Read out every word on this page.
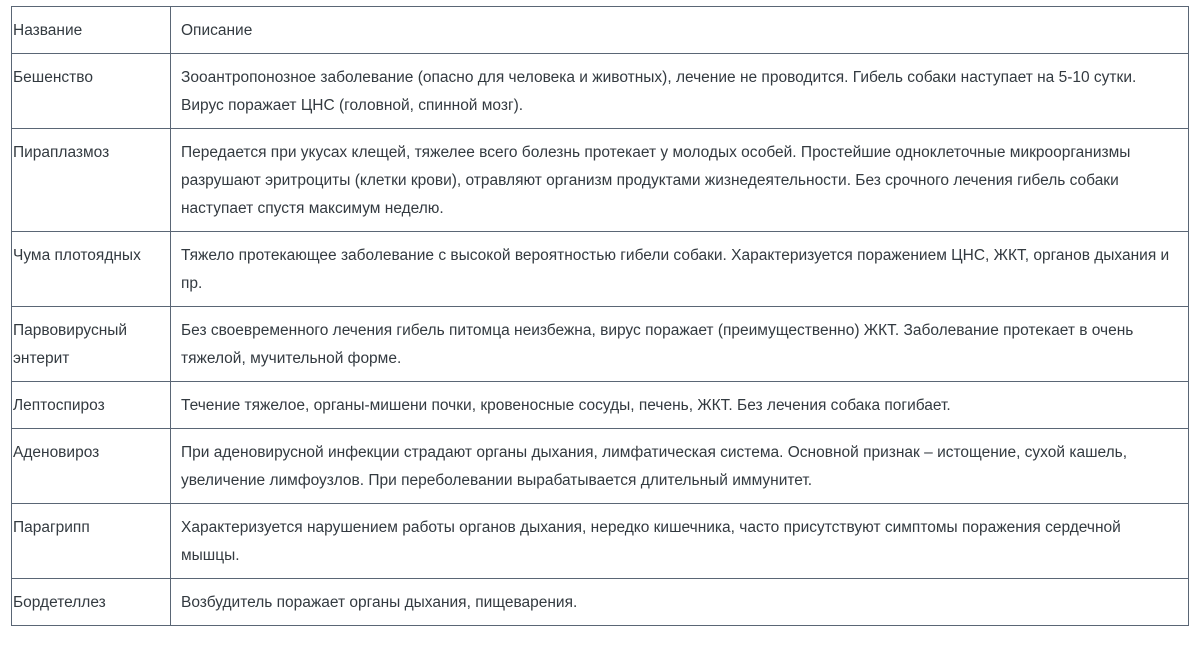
Название	Описание
Бешенство	Зооантропонозное заболевание (опасно для человека и животных), лечение не проводится. Гибель собаки наступает на 5-10 сутки. Вирус поражает ЦНС (головной, спинной мозг).
Пираплазмоз	Передается при укусах клещей, тяжелее всего болезнь протекает у молодых особей. Простейшие одноклеточные микроорганизмы разрушают эритроциты (клетки крови), отравляют организм продуктами жизнедеятельности. Без срочного лечения гибель собаки наступает спустя максимум неделю.
Чума плотоядных	Тяжело протекающее заболевание с высокой вероятностью гибели собаки. Характеризуется поражением ЦНС, ЖКТ, органов дыхания и пр.
Парвовирусный энтерит	Без своевременного лечения гибель питомца неизбежна, вирус поражает (преимущественно) ЖКТ. Заболевание протекает в очень тяжелой, мучительной форме.
Лептоспироз	Течение тяжелое, органы-мишени почки, кровеносные сосуды, печень, ЖКТ. Без лечения собака погибает.
Аденовироз	При аденовирусной инфекции страдают органы дыхания, лимфатическая система. Основной признак – истощение, сухой кашель, увеличение лимфоузлов. При переболевании вырабатывается длительный иммунитет.
Парагрипп	Характеризуется нарушением работы органов дыхания, нередко кишечника, часто присутствуют симптомы поражения сердечной мышцы.
Бордетеллез	Возбудитель поражает органы дыхания, пищеварения.
